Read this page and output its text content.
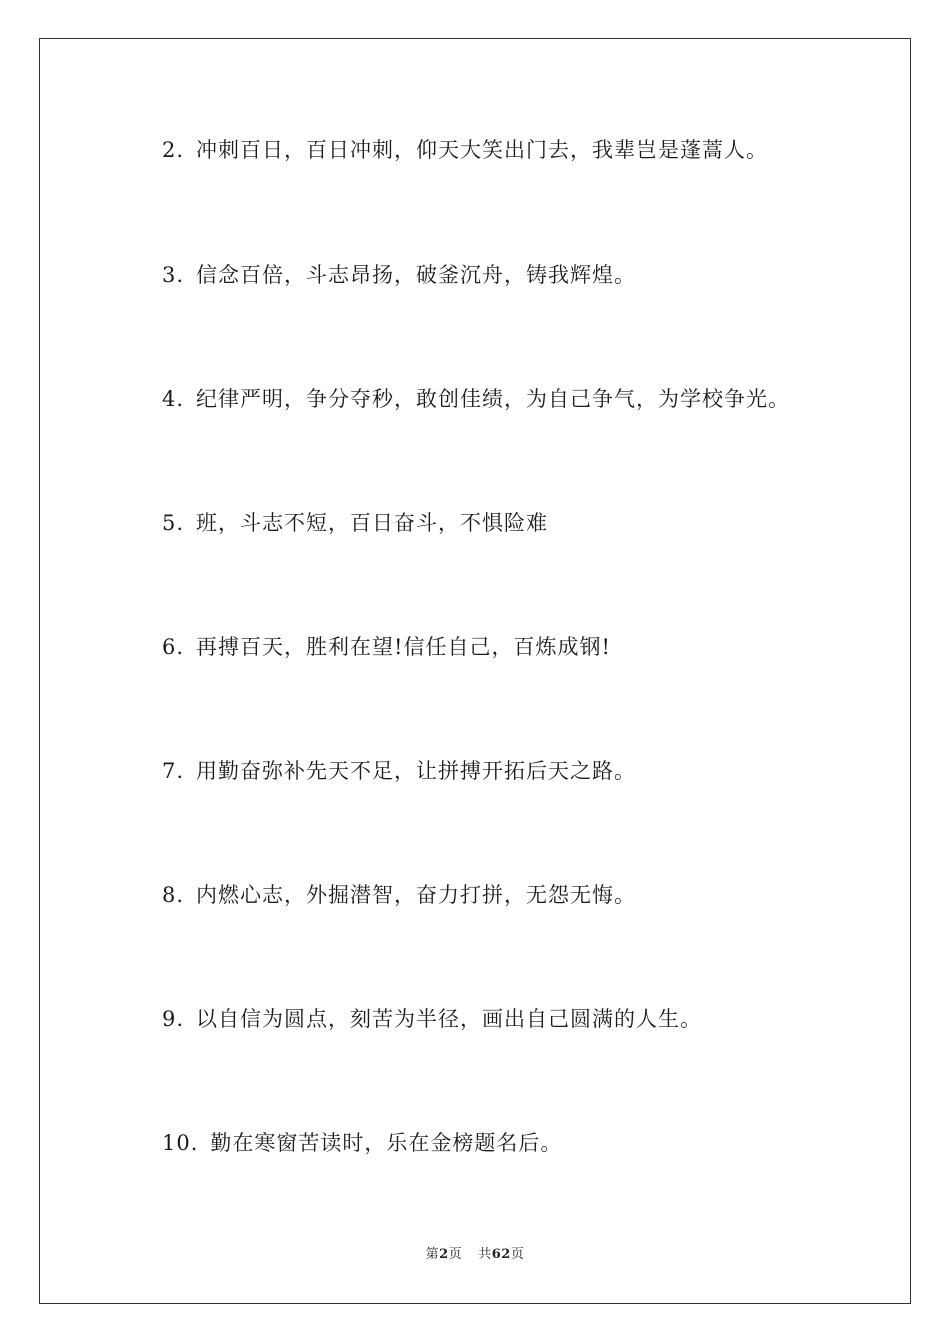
2. 冲刺百日，百日冲刺，仰天大笑出门去，我辈岂是蓬蒿人。
3. 信念百倍，斗志昂扬，破釜沉舟，铸我辉煌。
4. 纪律严明，争分夺秒，敢创佳绩，为自己争气，为学校争光。
5. 班，斗志不短，百日奋斗，不惧险难
6. 再搏百天，胜利在望!信任自己，百炼成钢!
7. 用勤奋弥补先天不足，让拼搏开拓后天之路。
8. 内燃心志，外掘潜智，奋力打拼，无怨无悔。
9. 以自信为圆点，刻苦为半径，画出自己圆满的人生。
10. 勤在寒窗苦读时，乐在金榜题名后。
第2页 共62页
